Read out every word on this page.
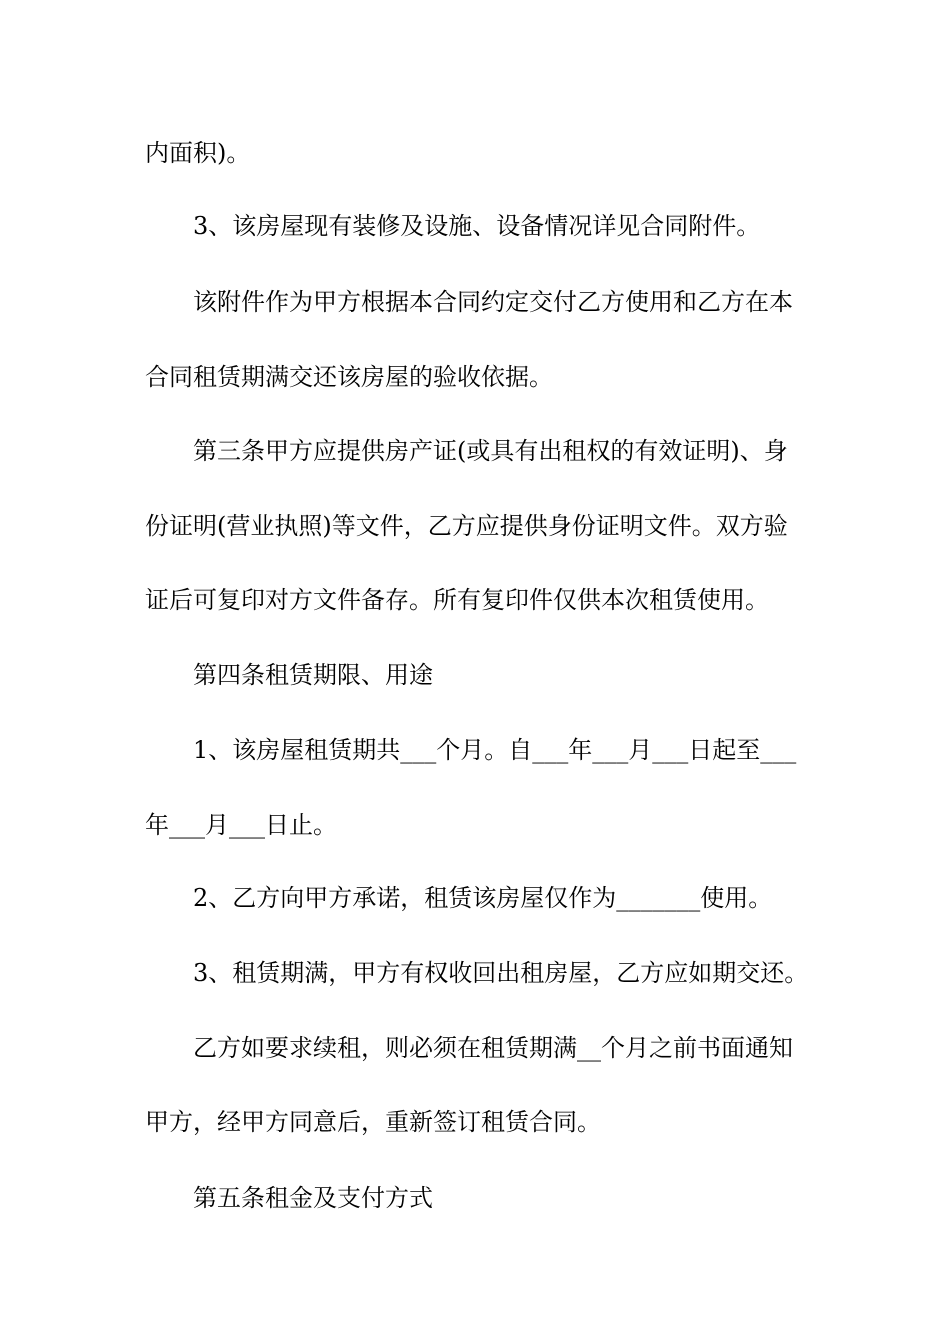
内面积)。

3、该房屋现有装修及设施、设备情况详见合同附件。

该附件作为甲方根据本合同约定交付乙方使用和乙方在本

合同租赁期满交还该房屋的验收依据。

第三条甲方应提供房产证(或具有出租权的有效证明)、身

份证明(营业执照)等文件，乙方应提供身份证明文件。双方验

证后可复印对方文件备存。所有复印件仅供本次租赁使用。

第四条租赁期限、用途

1、该房屋租赁期共___个月。自___年___月___日起至___

年___月___日止。

2、乙方向甲方承诺，租赁该房屋仅作为_______使用。

3、租赁期满，甲方有权收回出租房屋，乙方应如期交还。

乙方如要求续租，则必须在租赁期满__个月之前书面通知

甲方，经甲方同意后，重新签订租赁合同。

第五条租金及支付方式
